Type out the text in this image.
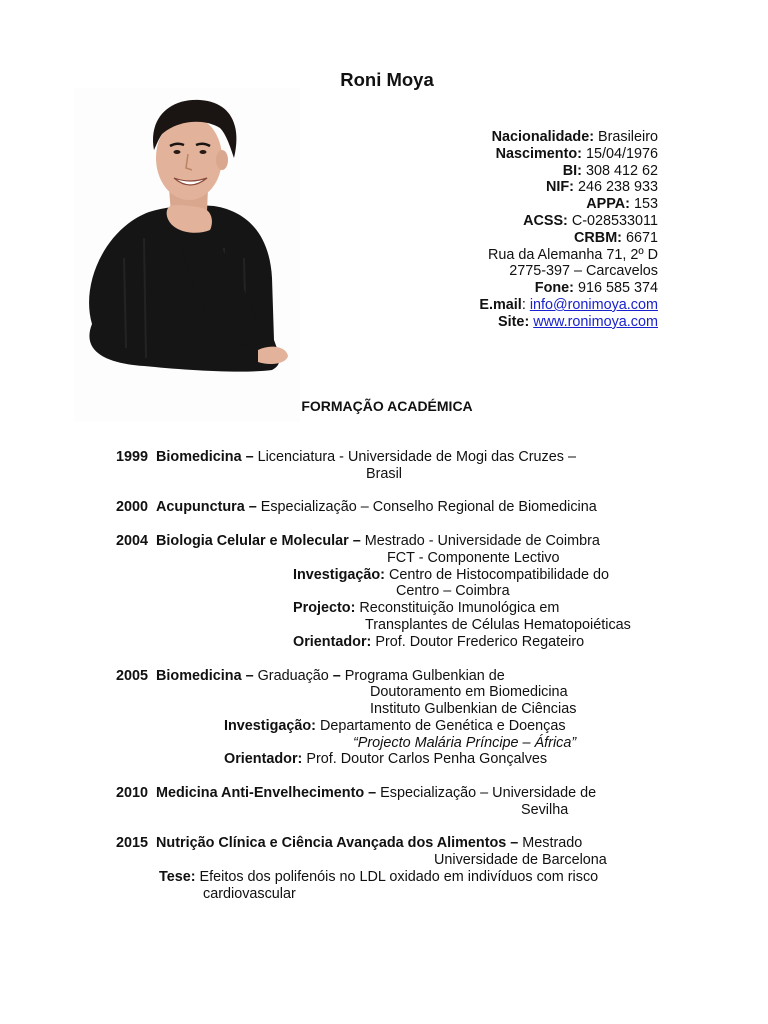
Roni Moya
Nacionalidade: Brasileiro
Nascimento: 15/04/1976
BI: 308 412 62
NIF: 246 238 933
APPA: 153
ACSS: C-028533011
CRBM: 6671
Rua da Alemanha 71, 2º D
2775-397 – Carcavelos
Fone: 916 585 374
E.mail: info@ronimoya.com
Site: www.ronimoya.com
FORMAÇÃO ACADÉMICA
1999 Biomedicina – Licenciatura - Universidade de Mogi das Cruzes –
Brasil
2000 Acupunctura – Especialização – Conselho Regional de Biomedicina
2004 Biologia Celular e Molecular – Mestrado - Universidade de Coimbra
FCT - Componente Lectivo
Investigação: Centro de Histocompatibilidade do
Centro – Coimbra
Projecto: Reconstituição Imunológica em
Transplantes de Células Hematopoiéticas
Orientador: Prof. Doutor Frederico Regateiro
2005 Biomedicina – Graduação – Programa Gulbenkian de
Doutoramento em Biomedicina
Instituto Gulbenkian de Ciências
Investigação: Departamento de Genética e Doenças
“Projecto Malária Príncipe – África”
Orientador: Prof. Doutor Carlos Penha Gonçalves
2010 Medicina Anti-Envelhecimento – Especialização – Universidade de
Sevilha
2015 Nutrição Clínica e Ciência Avançada dos Alimentos – Mestrado
Universidade de Barcelona
Tese: Efeitos dos polifenóis no LDL oxidado em indivíduos com risco
cardiovascular
